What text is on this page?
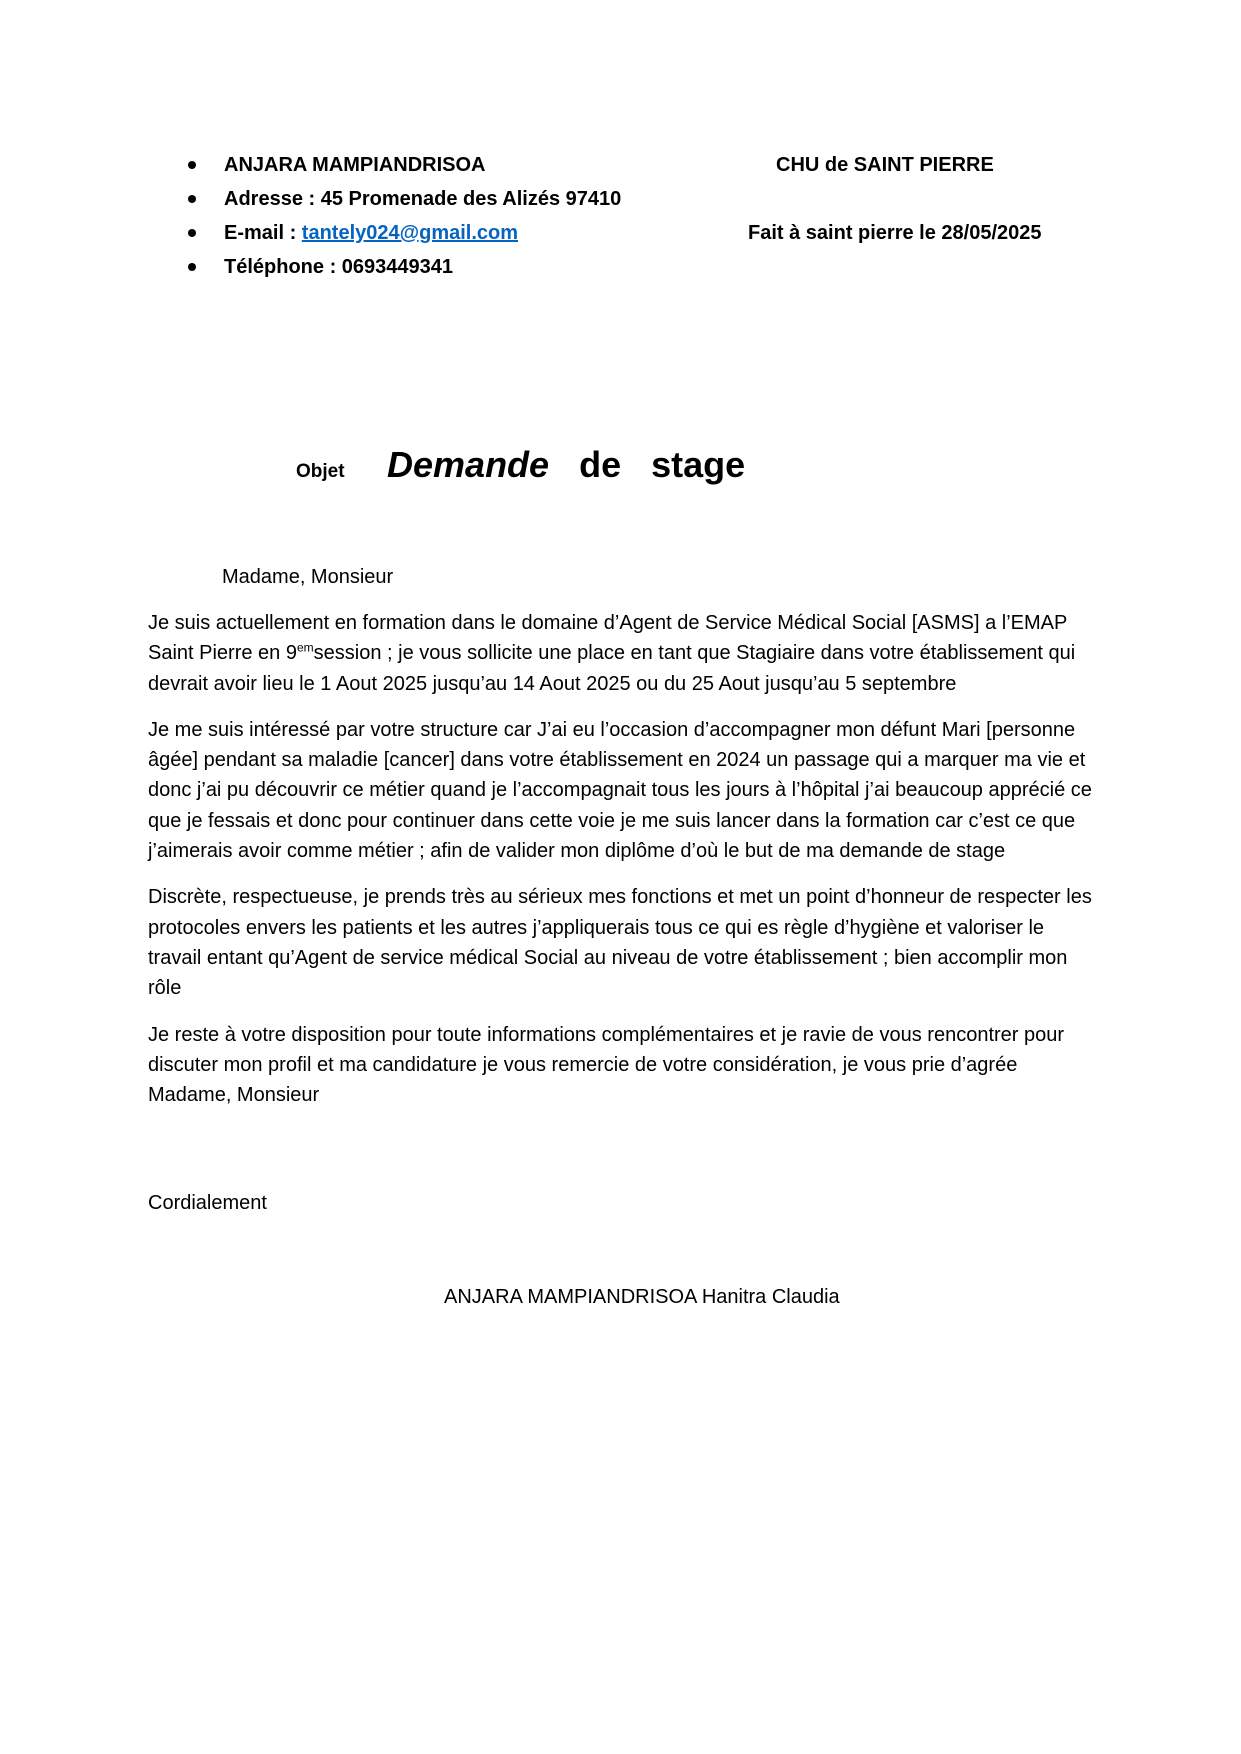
ANJARA MAMPIANDRISOA
Adresse : 45 Promenade des Alizés 97410
E-mail : tantely024@gmail.com
Téléphone : 0693449341
CHU de SAINT PIERRE
Fait à saint pierre le 28/05/2025
Objet Demande de   stage
Madame, Monsieur

Je suis actuellement en formation dans le domaine d’Agent de Service Médical Social [ASMS] a l’EMAP Saint Pierre en $9^{em}session$ ; je vous sollicite une place en tant que Stagiaire dans votre établissement qui devrait avoir lieu le 1 Aout 2025 jusqu’au 14 Aout 2025 ou du 25 Aout jusqu’au 5 septembre

Je me suis intéressé par votre structure car J’ai eu l’occasion d’accompagner mon défunt Mari [personne âgée] pendant sa maladie [cancer] dans votre établissement en 2024 un passage qui a marquer ma vie et donc j’ai pu découvrir ce métier quand je l’accompagnait tous les jours à l’hôpital j’ai beaucoup apprécié ce que je fessais et donc pour continuer dans cette voie je me suis lancer dans la formation car c’est ce que j’aimerais avoir comme métier ; afin de valider mon diplôme d’où le but de ma demande de stage

Discrète, respectueuse, je prends très au sérieux mes fonctions et met un point d’honneur de respecter les protocoles envers les patients et les autres j’appliquerais tous ce qui es règle d’hygiène et valoriser le travail entant qu’Agent de service médical Social au niveau de votre établissement ; bien accomplir mon rôle

Je reste à votre disposition pour toute informations complémentaires et je ravie de vous rencontrer pour discuter mon profil et ma candidature je vous remercie de votre considération, je vous prie d’agrée Madame, Monsieur

Cordialement
ANJARA MAMPIANDRISOA Hanitra Claudia
